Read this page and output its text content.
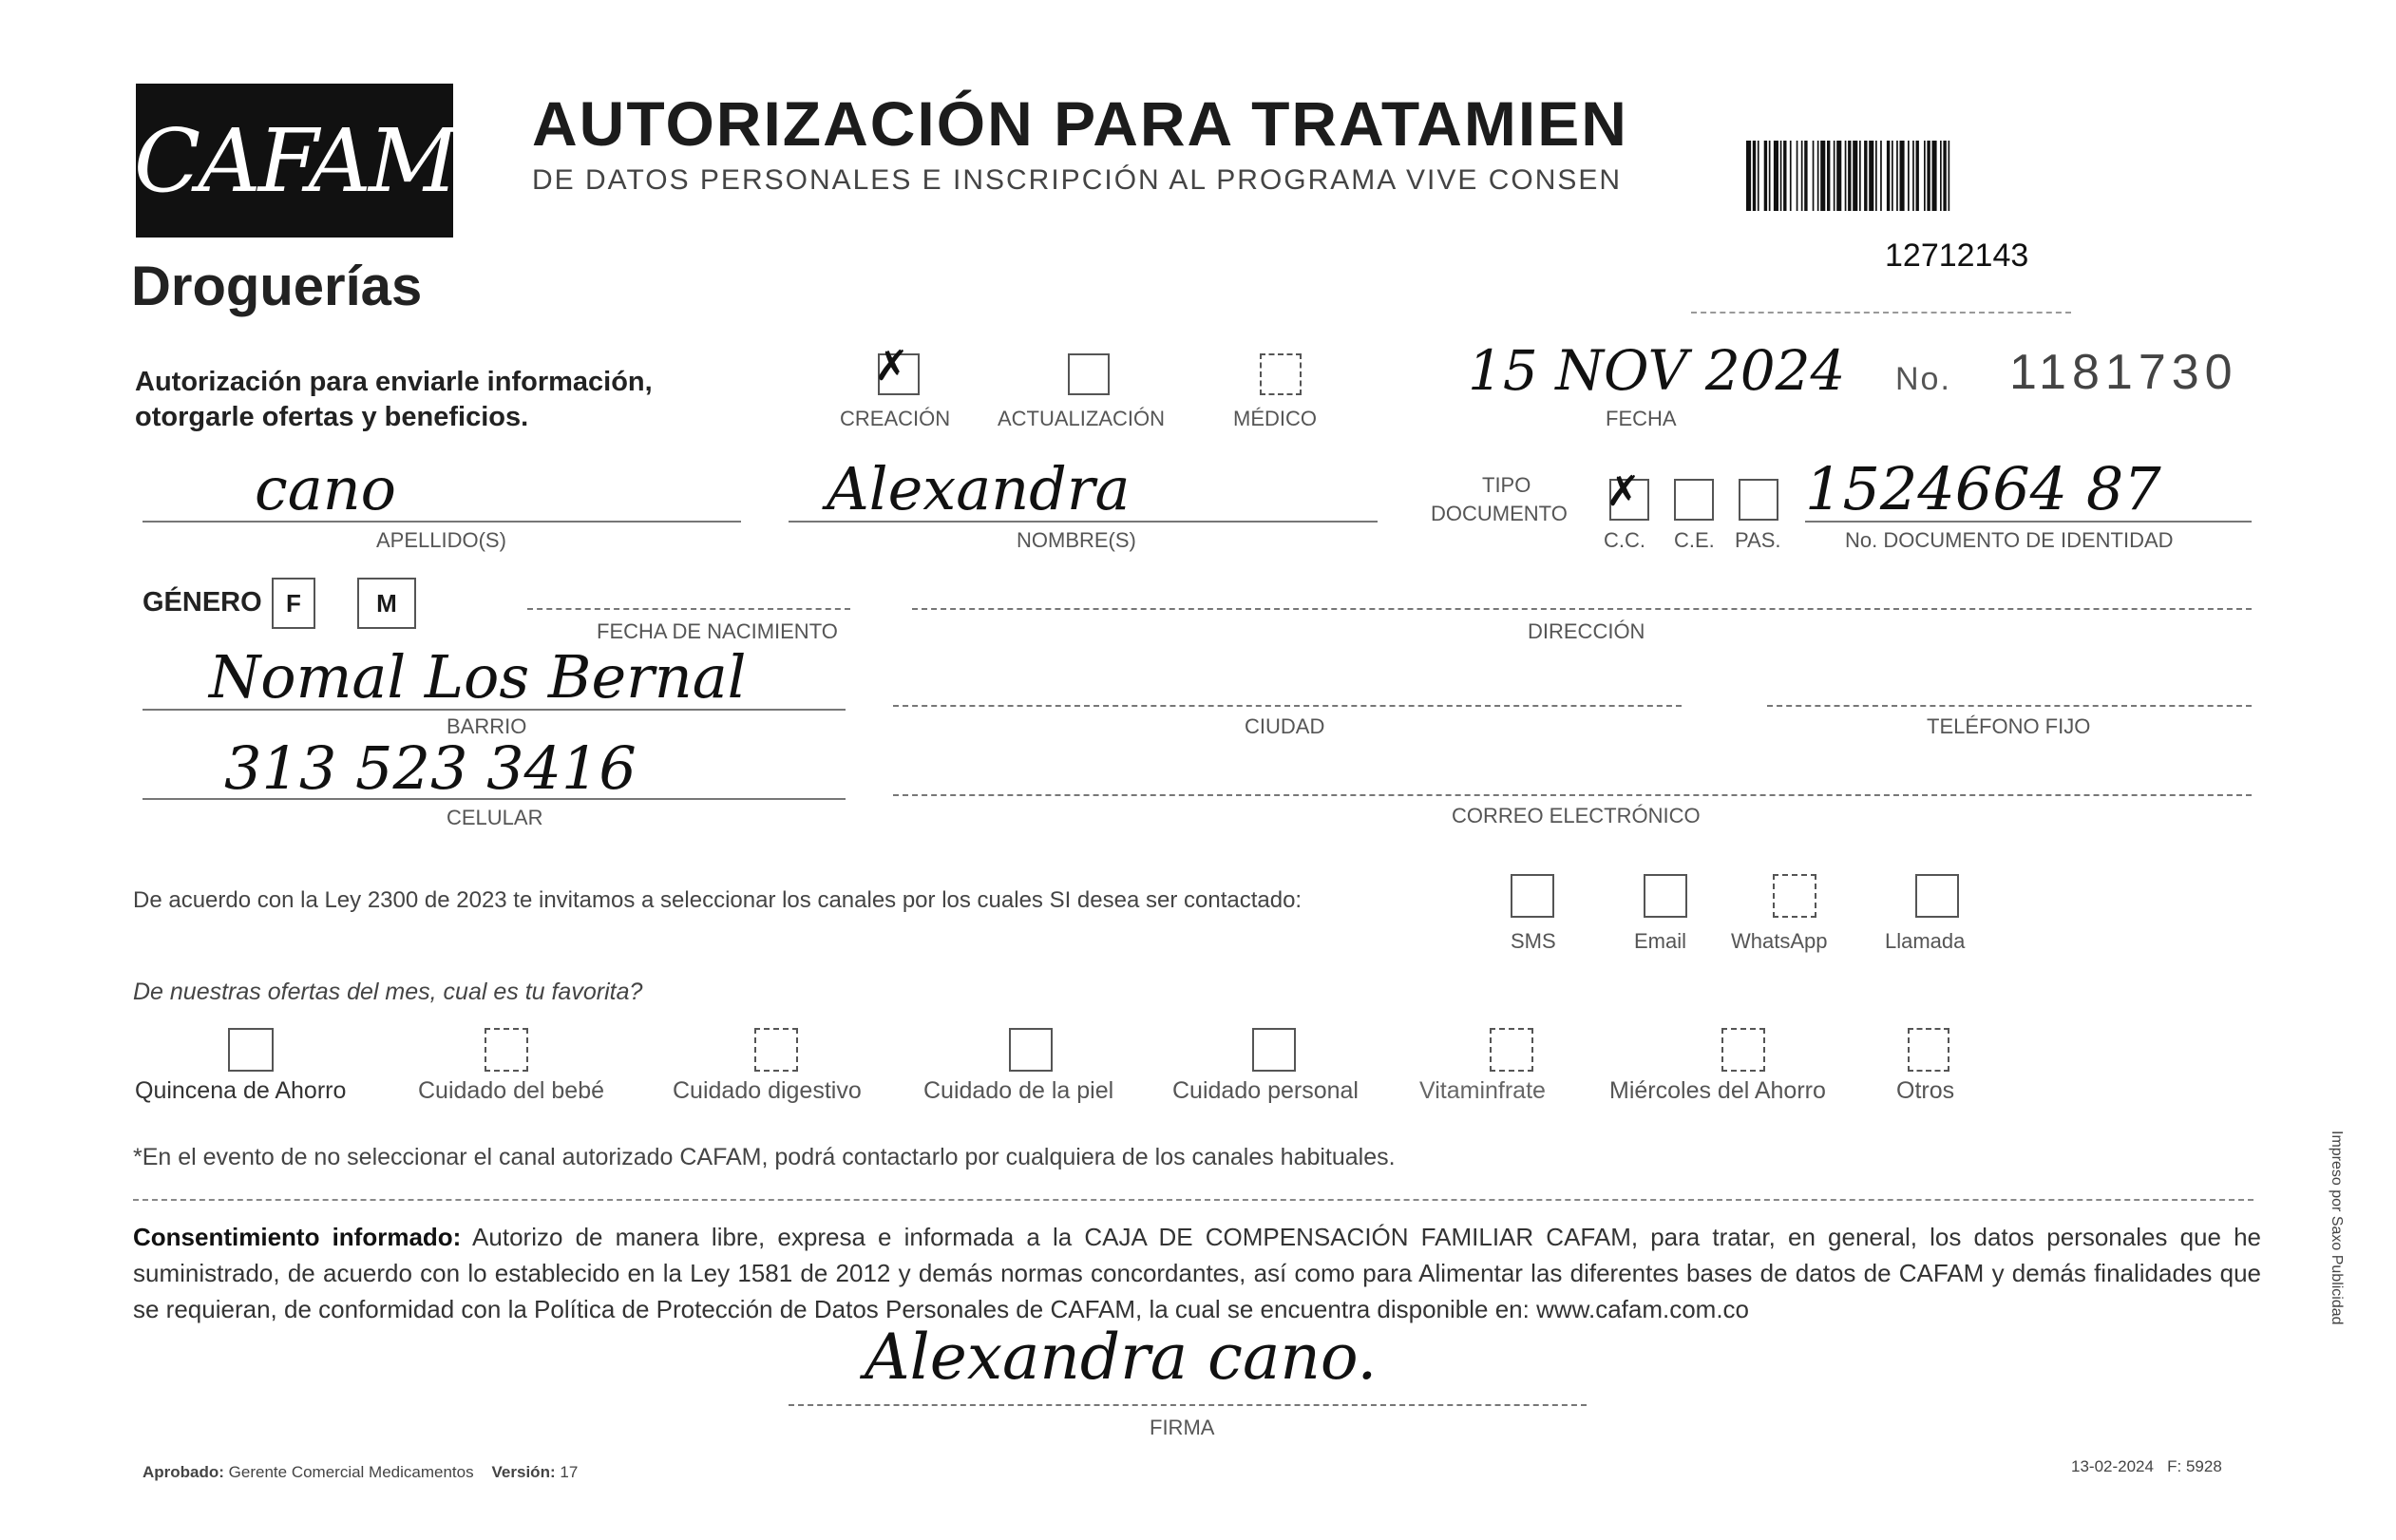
CAFAM
Droguerías
AUTORIZACIÓN PARA TRATAMIEN
DE DATOS PERSONALES E INSCRIPCIÓN AL PROGRAMA VIVE CONSEN
12712143
Autorización para enviarle información,
otorgarle ofertas y beneficios.
✗
CREACIÓN ACTUALIZACIÓN	MÉDICO
15 NOV 2024
FECHA
No. 1181730
cano
APELLIDO(S)
Alexandra
NOMBRE(S)
TIPO
DOCUMENTO ✗
C.C. C.E. PAS.
1524664 87
No. DOCUMENTO DE IDENTIDAD
GÉNERO F	M
FECHA DE NACIMIENTO	DIRECCIÓN
Nomal Los Bernal
BARRIO	CIUDAD	TELÉFONO FIJO
313 523 3416
CELULAR	CORREO ELECTRÓNICO
De acuerdo con la Ley 2300 de 2023 te invitamos a seleccionar los canales por los cuales SI desea ser contactado:
SMS	Email WhatsApp	Llamada
De nuestras ofertas del mes, cual es tu favorita?
Quincena de Ahorro	Cuidado del bebé	Cuidado digestivo	Cuidado de la piel Cuidado personal	Vitaminfrate	Miércoles del Ahorro	Otros
*En el evento de no seleccionar el canal autorizado CAFAM, podrá contactarlo por cualquiera de los canales habituales.
Consentimiento informado: Autorizo de manera libre, expresa e informada a la CAJA DE COMPENSACIÓN FAMILIAR CAFAM, para tratar, en general, los datos personales que he suministrado, de acuerdo con lo establecido en la Ley 1581 de 2012 y demás normas concordantes, así como para Alimentar las diferentes bases de datos de CAFAM y demás finalidades que se requieran, de conformidad con la Política de Protección de Datos Personales de CAFAM, la cual se encuentra disponible en: www.cafam.com.co
Alexandra cano.
FIRMA
Aprobado: Gerente Comercial Medicamentos Versión: 17	13-02-2024 F: 5928
Impreso por Saxo Publicidad
